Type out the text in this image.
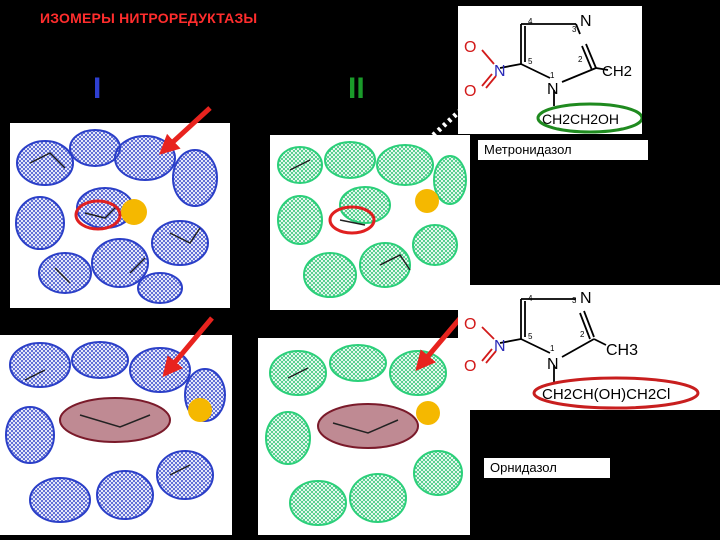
ИЗОМЕРЫ НИТРОРЕДУКТАЗЫ
I	II
N
N
N
O
O
CH2
4
5
1
2
3
CH2CH2OH
Метронидазол
N
N
N
O
O
CH3
4
5
1
2
3
CH2CH(OH)CH2Cl
Орнидазол
